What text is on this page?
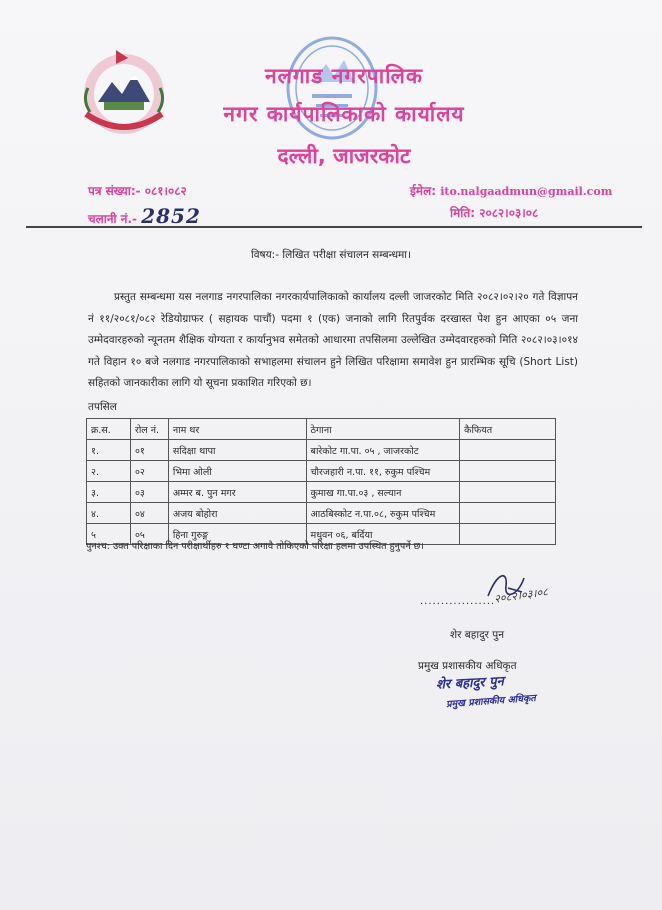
नलगाड नगरपालिक
नगर कार्यपालिकाको कार्यालय
दल्ली, जाजरकोट
पत्र संख्या:- ०८१।०८२
चलानी नं.- 2852
ईमेल: ito.nalgaadmun@gmail.com
मिति: २०८२।०३।०८
विषय:- लिखित परीक्षा संचालन सम्बन्धमा।

प्रस्तुत सम्बन्धमा यस नलगाड नगरपालिका नगरकार्यपालिकाको कार्यालय दल्ली जाजरकोट मिति २०८२।०२।२० गते विज्ञापन नं ११/२०८१/०८२ रेडियोग्राफर ( सहायक पाचौं) पदमा १ (एक) जनाको लागि रितपुर्वक दरखास्त पेश हुन आएका ०५ जना उम्मेदवारहरुको न्यूनतम शैक्षिक योग्यता र कार्यानुभव समेतको आधारमा तपसिलमा उल्लेखित उम्मेदवारहरुको मिति २०८२।०३।०१४ गते विहान १० बजे नलगाड नगरपालिकाको सभाहलमा संचालन हुने लिखित परिक्षामा समावेश हुन प्रारम्भिक सूचि (Short List) सहितको जानकारीका लागि यो सूचना प्रकाशित गरिएको छ।

तपसिल
क्र.स.	रोल नं.	नाम थर	ठेगाना	कैफियत
१.	०१	सदिक्षा थापा	बारेकोट गा.पा. ०५ , जाजरकोट	
२.	०२	भिमा ओली	चौरजहारी न.पा. ११, रुकुम पश्चिम	
३.	०३	अम्मर ब. पुन मगर	कुमाख गा.पा.०३ , सल्यान	
४.	०४	अजय बोहोरा	आठबिस्कोट न.पा.०८, रुकुम पश्चिम	
५	०५	हिना गुरुङ्ग	मधुवन ०६, बर्दिया	
पुनश्च: उक्त परिक्षाका दिन परीक्षार्थीहरु १ घण्टा अगावै तोकिएको परिक्षा हलमा उपस्थित हुनुपर्ने छ।
२०८२।०३।०८
..................
शेर बहादुर पुन
प्रमुख प्रशासकीय अधिकृत
शेर बहादुर पुन
प्रमुख प्रशासकीय अधिकृत
